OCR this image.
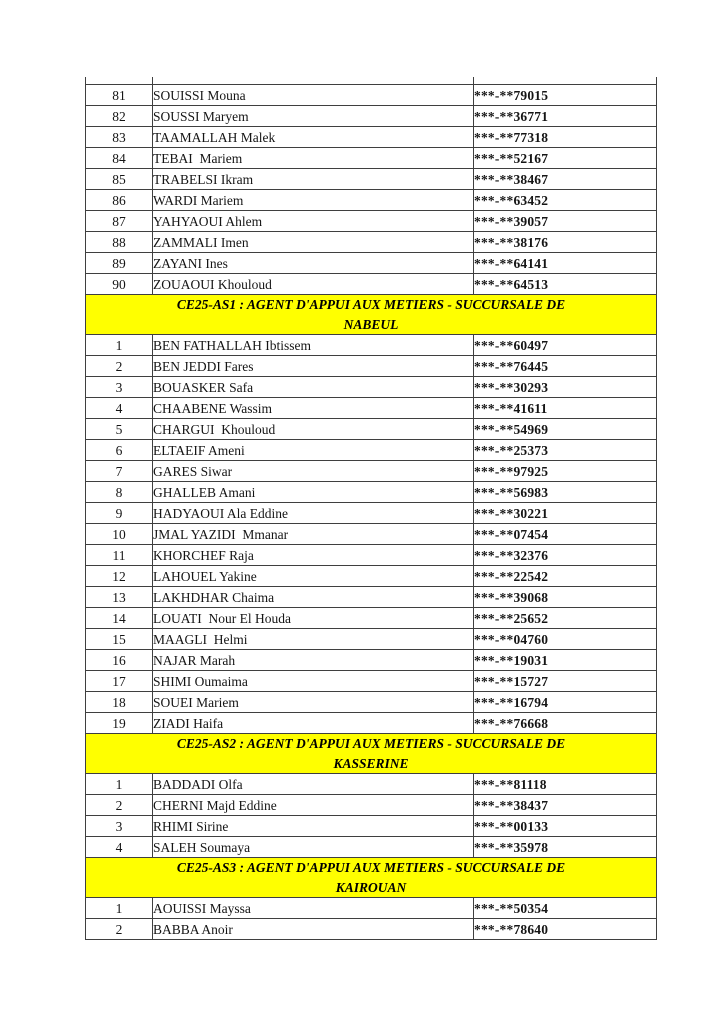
81	SOUISSI Mouna	***-**79015
82	SOUSSI Maryem	***-**36771
83	TAAMALLAH Malek	***-**77318
84	TEBAI  Mariem	***-**52167
85	TRABELSI Ikram	***-**38467
86	WARDI Mariem	***-**63452
87	YAHYAOUI Ahlem	***-**39057
88	ZAMMALI Imen	***-**38176
89	ZAYANI Ines	***-**64141
90	ZOUAOUI Khouloud	***-**64513

CE25-AS1 : AGENT D'APPUI AUX METIERS - SUCCURSALE DE
NABEUL		

1	BEN FATHALLAH Ibtissem	***-**60497
2	BEN JEDDI Fares	***-**76445
3	BOUASKER Safa	***-**30293
4	CHAABENE Wassim	***-**41611
5	CHARGUI  Khouloud	***-**54969
6	ELTAEIF Ameni	***-**25373
7	GARES Siwar	***-**97925
8	GHALLEB Amani	***-**56983
9	HADYAOUI Ala Eddine	***-**30221
10	JMAL YAZIDI  Mmanar	***-**07454
11	KHORCHEF Raja	***-**32376
12	LAHOUEL Yakine	***-**22542
13	LAKHDHAR Chaima	***-**39068
14	LOUATI  Nour El Houda	***-**25652
15	MAAGLI  Helmi	***-**04760
16	NAJAR Marah	***-**19031
17	SHIMI Oumaima	***-**15727
18	SOUEI Mariem	***-**16794
19	ZIADI Haifa	***-**76668

CE25-AS2 : AGENT D'APPUI AUX METIERS - SUCCURSALE DE
KASSERINE		

1	BADDADI Olfa	***-**81118
2	CHERNI Majd Eddine	***-**38437
3	RHIMI Sirine	***-**00133
4	SALEH Soumaya	***-**35978

CE25-AS3 : AGENT D'APPUI AUX METIERS - SUCCURSALE DE
KAIROUAN		

1	AOUISSI Mayssa	***-**50354
2	BABBA Anoir	***-**78640
